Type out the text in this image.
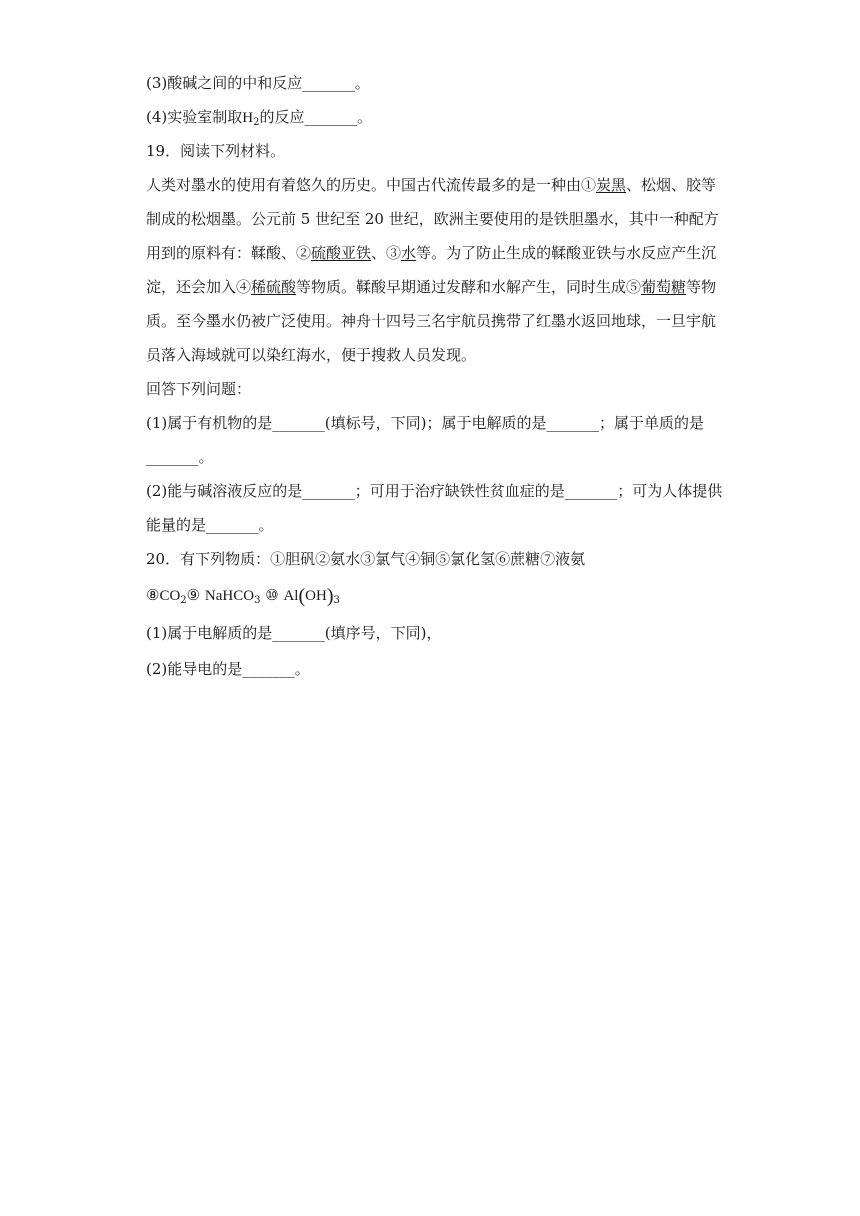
(3)酸碱之间的中和反应_______。
(4)实验室制取$H_2$的反应_______。
19．阅读下列材料。
人类对墨水的使用有着悠久的历史。中国古代流传最多的是一种由①炭黑、松烟、胶等
制成的松烟墨。公元前 5 世纪至 20 世纪，欧洲主要使用的是铁胆墨水，其中一种配方
用到的原料有：鞣酸、②硫酸亚铁、③水等。为了防止生成的鞣酸亚铁与水反应产生沉
淀，还会加入④稀硫酸等物质。鞣酸早期通过发酵和水解产生，同时生成⑤葡萄糖等物
质。至今墨水仍被广泛使用。神舟十四号三名宇航员携带了红墨水返回地球，一旦宇航
员落入海域就可以染红海水，便于搜救人员发现。
回答下列问题：
(1)属于有机物的是_______(填标号，下同)；属于电解质的是_______；属于单质的是
_______。
(2)能与碱溶液反应的是_______；可用于治疗缺铁性贫血症的是_______；可为人体提供
能量的是_______。
20．有下列物质：①胆矾②氨水③氯气④铜⑤氯化氢⑥蔗糖⑦液氨
$⑧CO_2⑨$ NaHCO$_3$ ⑩ $Al(OH)_3$
(1)属于电解质的是_______(填序号，下同)，
(2)能导电的是_______。
